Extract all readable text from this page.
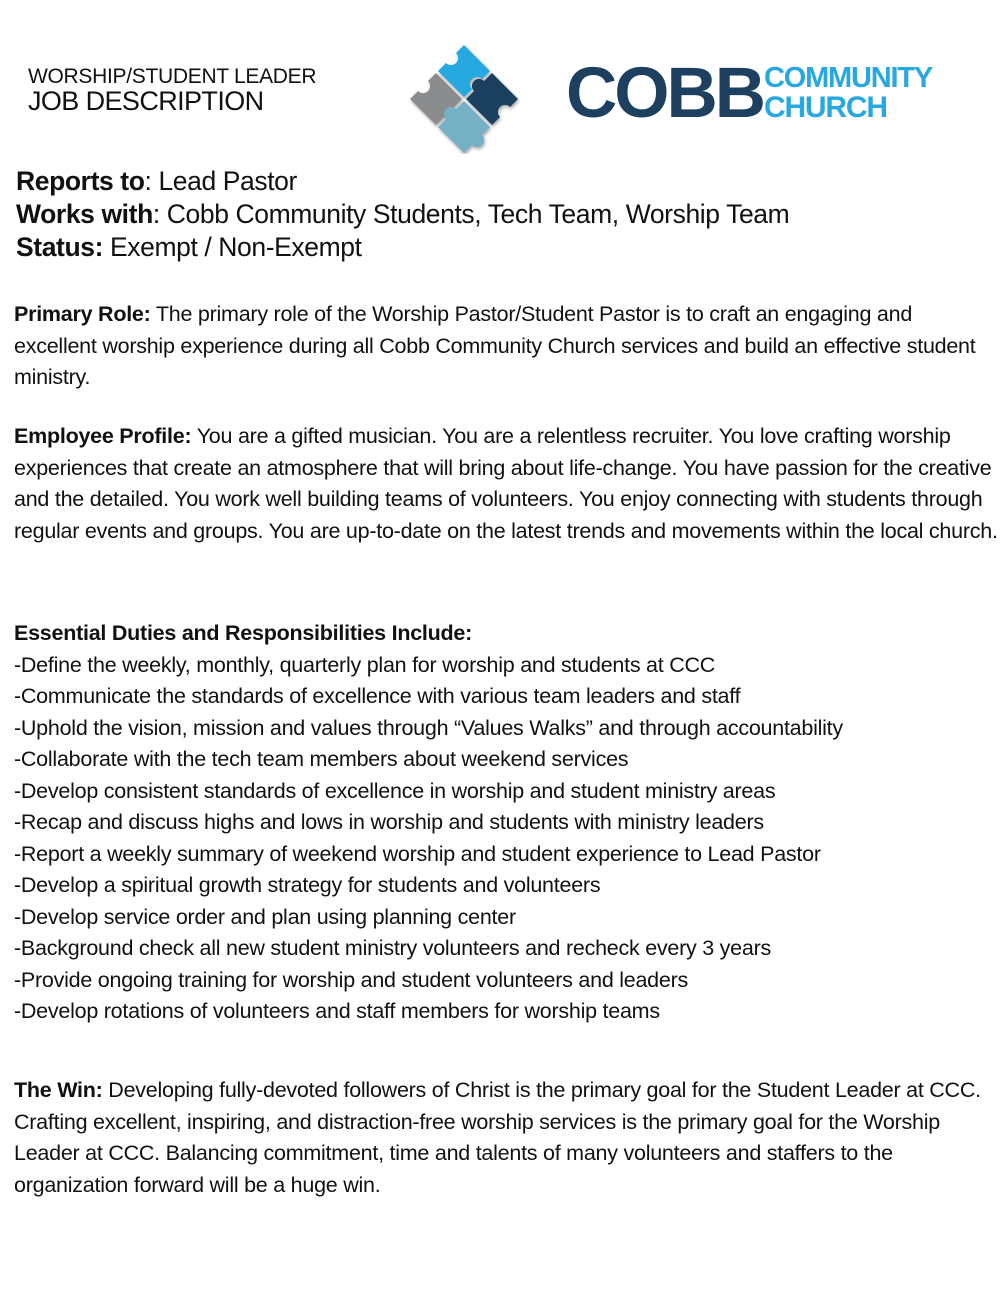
WORSHIP/STUDENT LEADER
JOB DESCRIPTION	COBB COMMUNITY
CHURCH
Reports to: Lead Pastor
Works with: Cobb Community Students, Tech Team, Worship Team
Status: Exempt / Non-Exempt
Primary Role: The primary role of the Worship Pastor/Student Pastor is to craft an engaging and excellent worship experience during all Cobb Community Church services and build an effective student ministry.
Employee Profile: You are a gifted musician. You are a relentless recruiter. You love crafting worship experiences that create an atmosphere that will bring about life-change. You have passion for the creative and the detailed. You work well building teams of volunteers. You enjoy connecting with students through regular events and groups. You are up-to-date on the latest trends and movements within the local church.
Essential Duties and Responsibilities Include:
-Define the weekly, monthly, quarterly plan for worship and students at CCC
-Communicate the standards of excellence with various team leaders and staff
-Uphold the vision, mission and values through “Values Walks” and through accountability
-Collaborate with the tech team members about weekend services
-Develop consistent standards of excellence in worship and student ministry areas
-Recap and discuss highs and lows in worship and students with ministry leaders
-Report a weekly summary of weekend worship and student experience to Lead Pastor
-Develop a spiritual growth strategy for students and volunteers
-Develop service order and plan using planning center
-Background check all new student ministry volunteers and recheck every 3 years
-Provide ongoing training for worship and student volunteers and leaders
-Develop rotations of volunteers and staff members for worship teams
The Win: Developing fully-devoted followers of Christ is the primary goal for the Student Leader at CCC. Crafting excellent, inspiring, and distraction-free worship services is the primary goal for the Worship Leader at CCC. Balancing commitment, time and talents of many volunteers and staffers to the organization forward will be a huge win.
